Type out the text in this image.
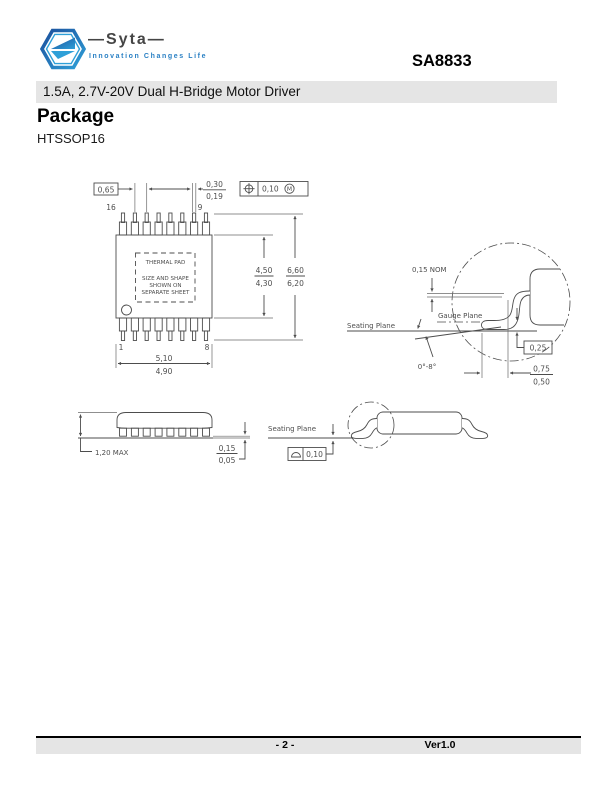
—Syta—
Innovation Changes Life	SA8833
1.5A, 2.7V-20V Dual H-Bridge Motor Driver
Package
HTSSOP16
16	9
1	8
THERMAL PAD
SIZE AND SHAPE
SHOWN ON
SEPARATE SHEET
0,65
0,30
0,19
0,10 M
4,50
4,30
6,60
6,20
5,10
4,90
0,15 NOM
Gauge Plane
Seating Plane
0°-8°
0,25
0,75
0,50
1,20 MAX	0,15
0,05
Seating Plane
0,10
- 2 -	Ver1.0
